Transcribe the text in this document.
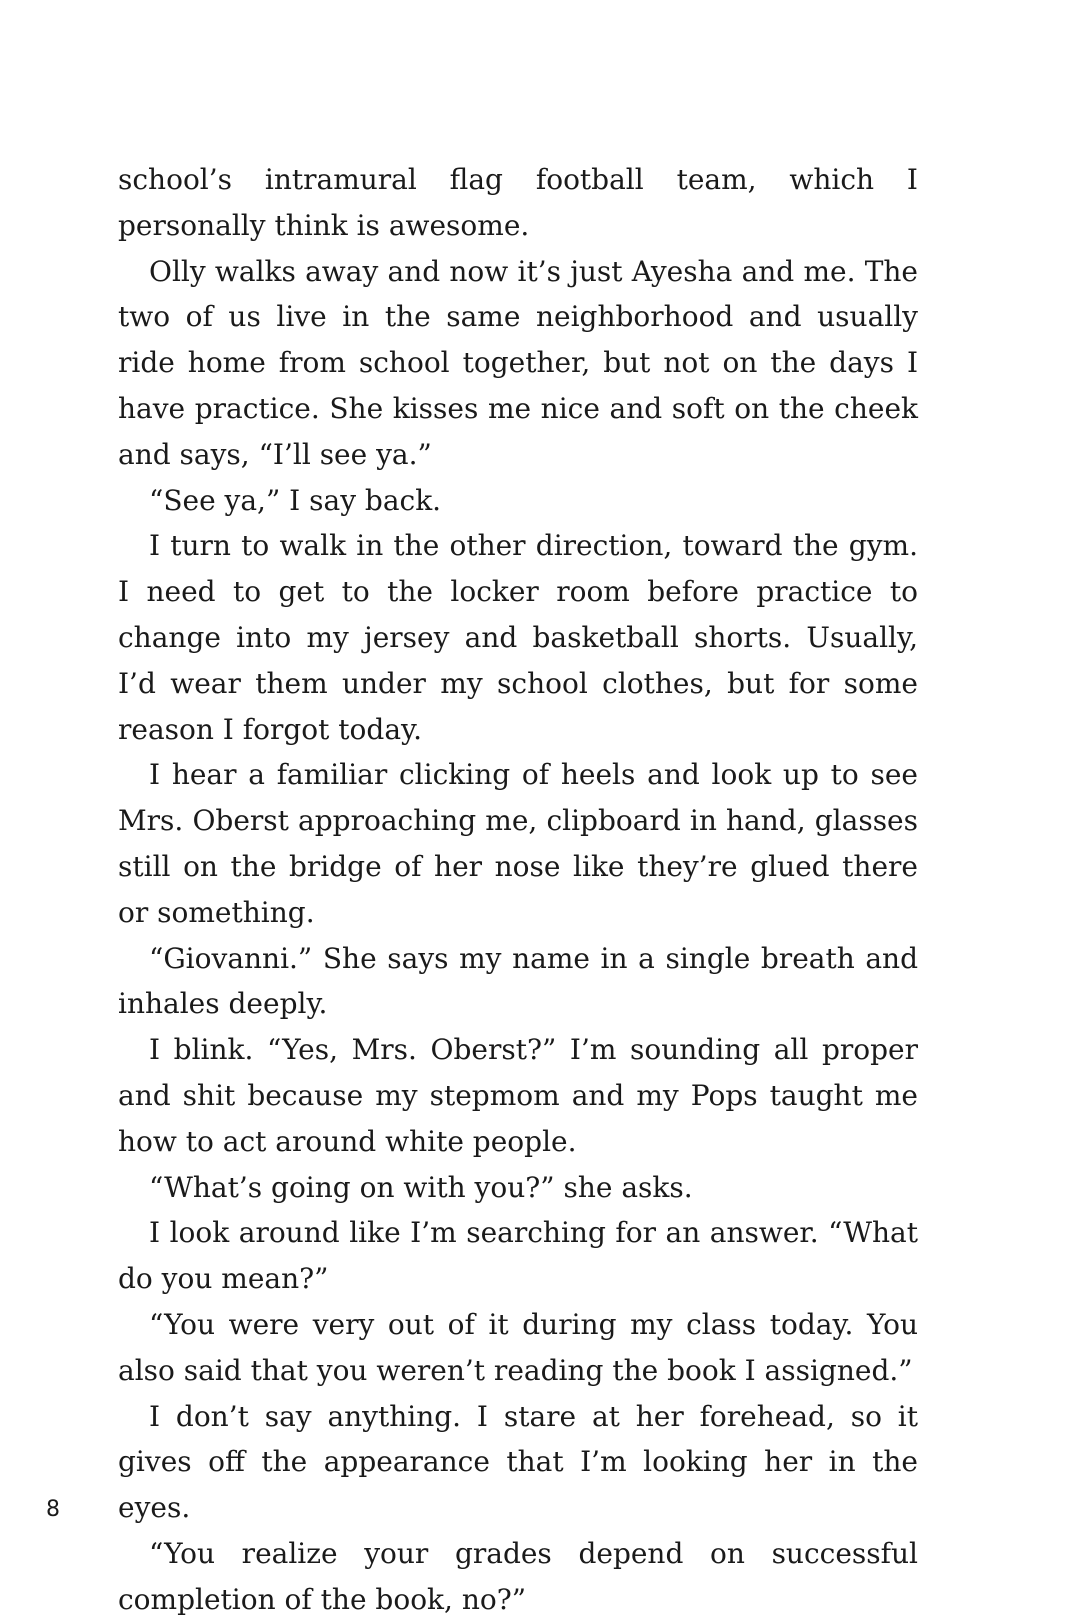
school’s intramural flag football team, which I personally think is awesome.

Olly walks away and now it’s just Ayesha and me. The two of us live in the same neighborhood and usually ride home from school together, but not on the days I have practice. She kisses me nice and soft on the cheek and says, “I’ll see ya.”

“See ya,” I say back.

I turn to walk in the other direction, toward the gym. I need to get to the locker room before practice to change into my jersey and basketball shorts. Usually, I’d wear them under my school clothes, but for some reason I forgot today.

I hear a familiar clicking of heels and look up to see Mrs. Oberst approaching me, clipboard in hand, glasses still on the bridge of her nose like they’re glued there or something.

“Giovanni.” She says my name in a single breath and inhales deeply.

I blink. “Yes, Mrs. Oberst?” I’m sounding all proper and shit because my stepmom and my Pops taught me how to act around white people.

“What’s going on with you?” she asks.

I look around like I’m searching for an answer. “What do you mean?”

“You were very out of it during my class today. You also said that you weren’t reading the book I assigned.”

I don’t say anything. I stare at her forehead, so it gives off the appearance that I’m looking her in the eyes.

“You realize your grades depend on successful completion of the book, no?”

8
